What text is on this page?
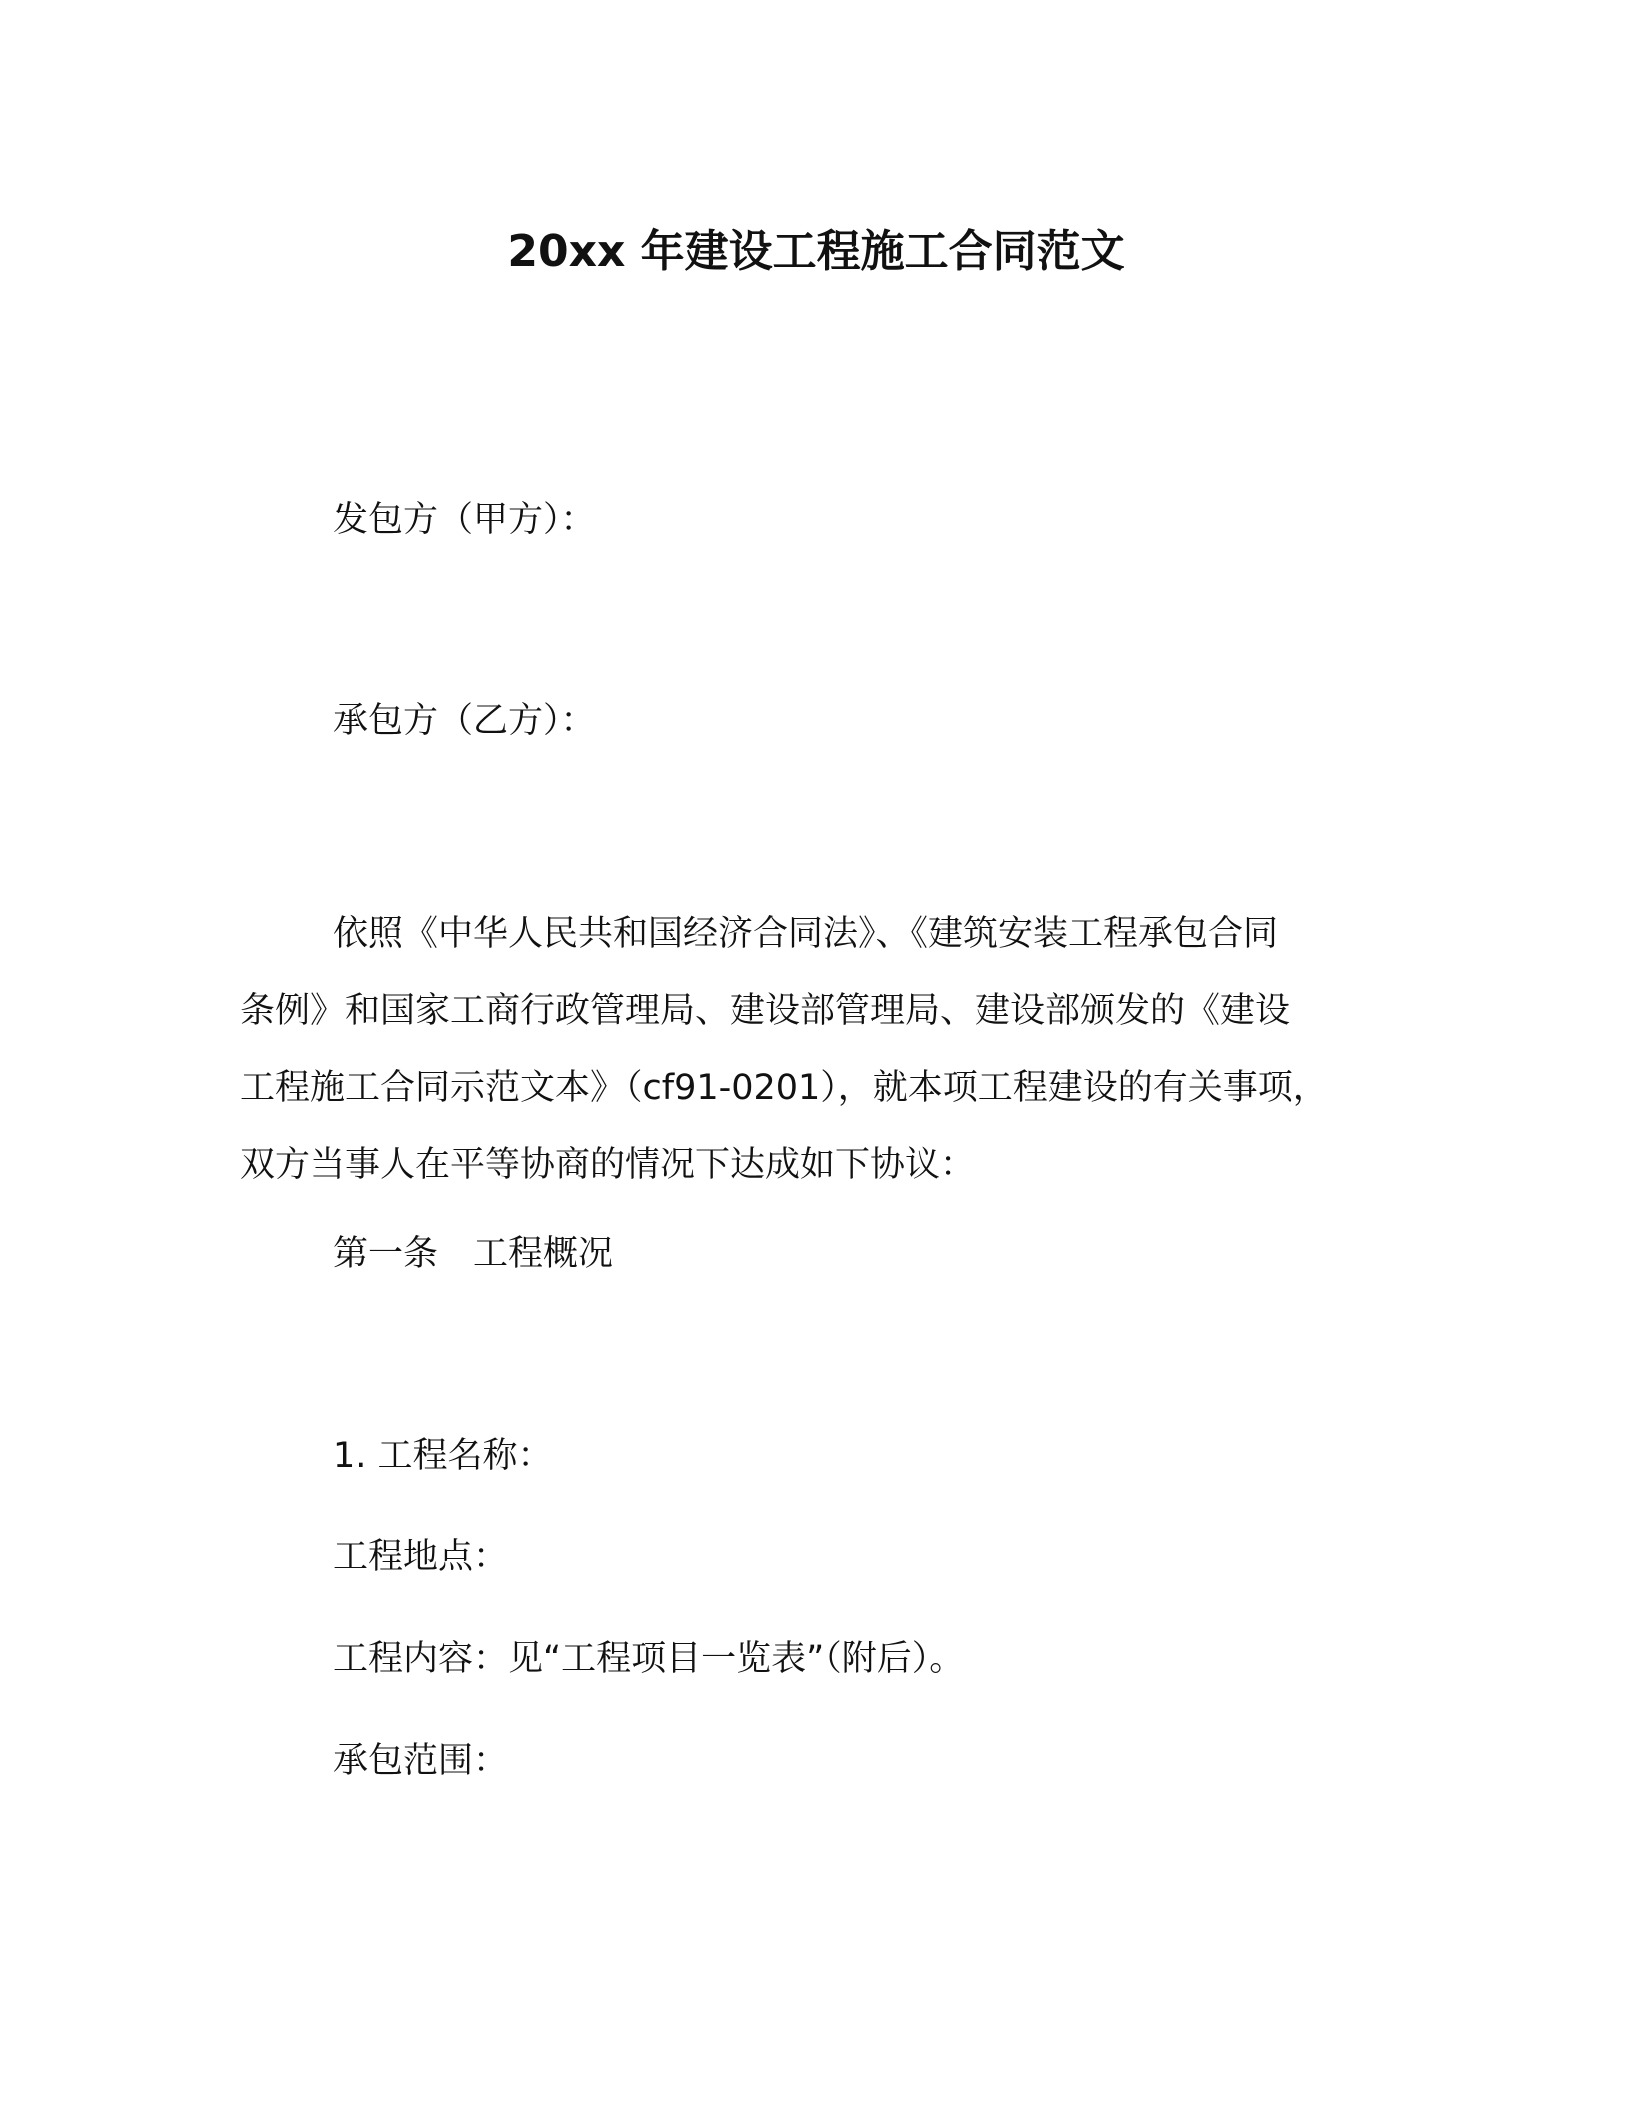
20xx 年建设工程施工合同范文
发包方（甲方）：
承包方（乙方）：
依照《中华人民共和国经济合同法》、《建筑安装工程承包合同
条例》和国家工商行政管理局、建设部管理局、建设部颁发的《建设
工程施工合同示范文本》（cf91-0201），就本项工程建设的有关事项，
双方当事人在平等协商的情况下达成如下协议：
第一条　工程概况
1. 工程名称：
工程地点：
工程内容：见“工程项目一览表”（附后）。
承包范围：
